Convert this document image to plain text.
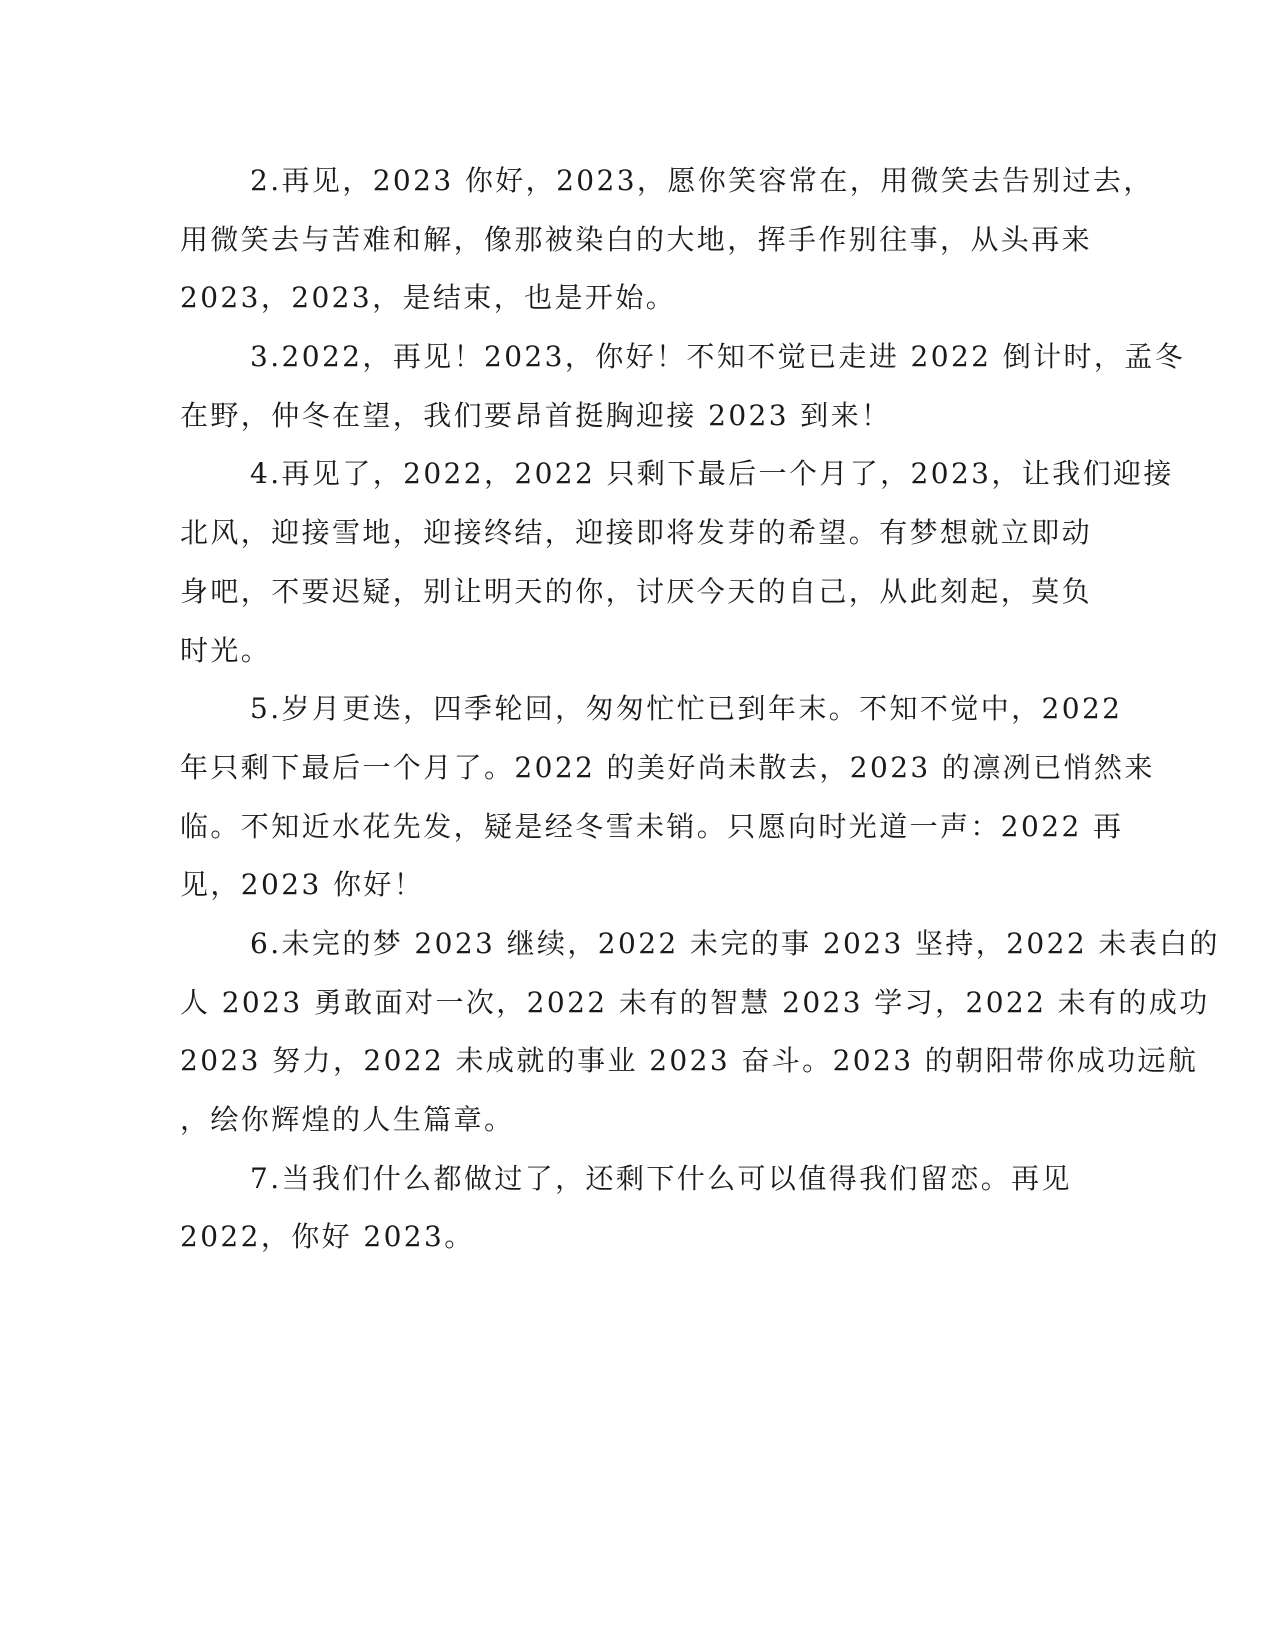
2.再见，2023 你好，2023，愿你笑容常在，用微笑去告别过去，
用微笑去与苦难和解，像那被染白的大地，挥手作别往事，从头再来
2023，2023，是结束，也是开始。
3.2022，再见！2023，你好！不知不觉已走进 2022 倒计时，孟冬
在野，仲冬在望，我们要昂首挺胸迎接 2023 到来！
4.再见了，2022，2022 只剩下最后一个月了，2023，让我们迎接
北风，迎接雪地，迎接终结，迎接即将发芽的希望。有梦想就立即动
身吧，不要迟疑，别让明天的你，讨厌今天的自己，从此刻起，莫负
时光。
5.岁月更迭，四季轮回，匆匆忙忙已到年末。不知不觉中，2022
年只剩下最后一个月了。2022 的美好尚未散去，2023 的凛冽已悄然来
临。不知近水花先发，疑是经冬雪未销。只愿向时光道一声：2022 再
见，2023 你好！
6.未完的梦 2023 继续，2022 未完的事 2023 坚持，2022 未表白的
人 2023 勇敢面对一次，2022 未有的智慧 2023 学习，2022 未有的成功
2023 努力，2022 未成就的事业 2023 奋斗。2023 的朝阳带你成功远航
，绘你辉煌的人生篇章。
7.当我们什么都做过了，还剩下什么可以值得我们留恋。再见
2022，你好 2023。
